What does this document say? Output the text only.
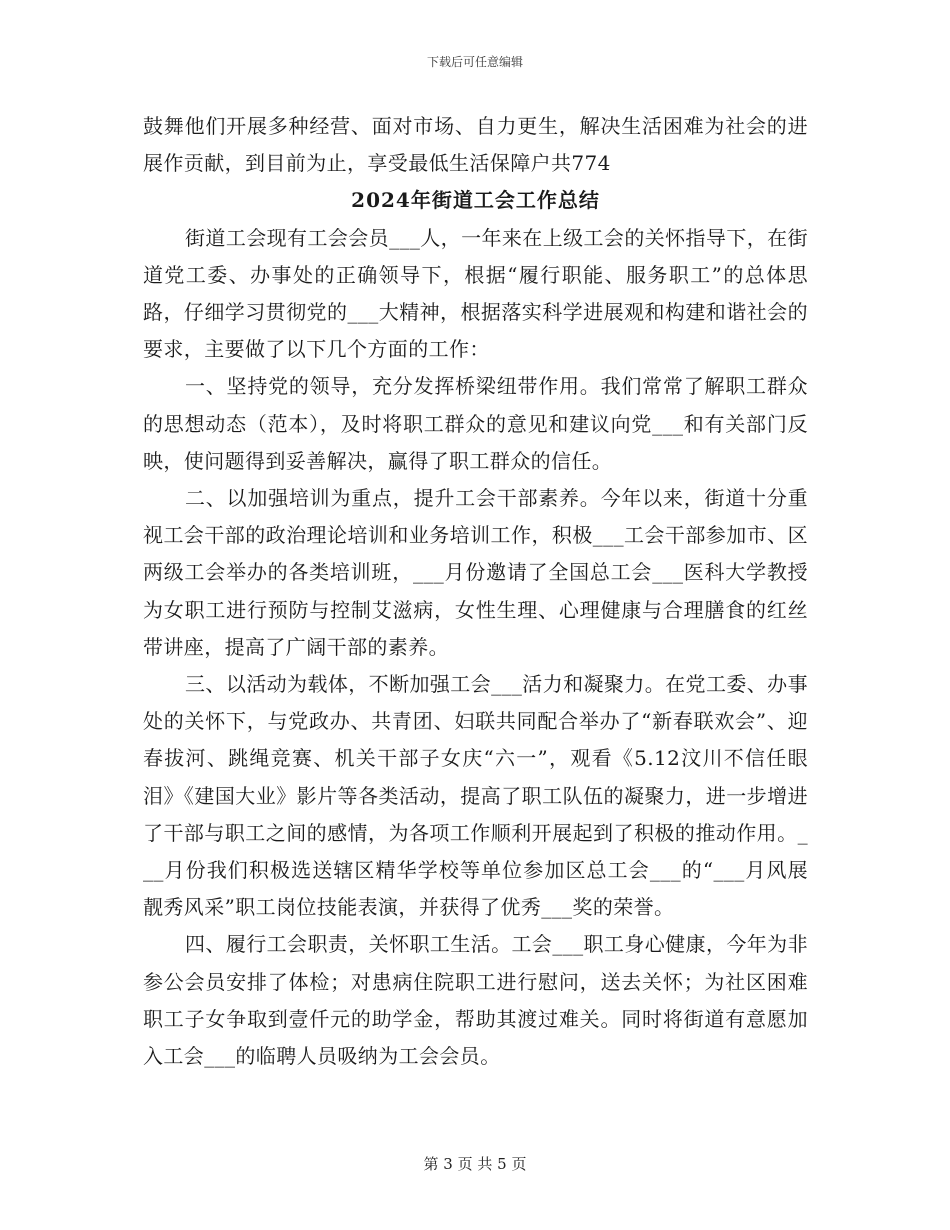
下载后可任意编辑

鼓舞他们开展多种经营、面对市场、自力更生，解决生活困难为社会的进展作贡献，到目前为止，享受最低生活保障户共774

2024年街道工会工作总结

街道工会现有工会会员___人，一年来在上级工会的关怀指导下，在街道党工委、办事处的正确领导下，根据“履行职能、服务职工”的总体思路，仔细学习贯彻党的___大精神，根据落实科学进展观和构建和谐社会的要求，主要做了以下几个方面的工作：

一、坚持党的领导，充分发挥桥梁纽带作用。我们常常了解职工群众的思想动态（范本），及时将职工群众的意见和建议向党___和有关部门反映，使问题得到妥善解决，赢得了职工群众的信任。

二、以加强培训为重点，提升工会干部素养。今年以来，街道十分重视工会干部的政治理论培训和业务培训工作，积极___工会干部参加市、区两级工会举办的各类培训班，___月份邀请了全国总工会___医科大学教授为女职工进行预防与控制艾滋病，女性生理、心理健康与合理膳食的红丝带讲座，提高了广阔干部的素养。

三、以活动为载体，不断加强工会___活力和凝聚力。在党工委、办事处的关怀下，与党政办、共青团、妇联共同配合举办了“新春联欢会”、迎春拔河、跳绳竞赛、机关干部子女庆“六一”，观看《5.12汶川不信任眼泪》《建国大业》影片等各类活动，提高了职工队伍的凝聚力，进一步增进了干部与职工之间的感情，为各项工作顺利开展起到了积极的推动作用。___月份我们积极选送辖区精华学校等单位参加区总工会___的“___月风展靓秀风采”职工岗位技能表演，并获得了优秀___奖的荣誉。

四、履行工会职责，关怀职工生活。工会___职工身心健康，今年为非参公会员安排了体检；对患病住院职工进行慰问，送去关怀；为社区困难职工子女争取到壹仟元的助学金，帮助其渡过难关。同时将街道有意愿加入工会___的临聘人员吸纳为工会会员。

第 3 页 共 5 页
